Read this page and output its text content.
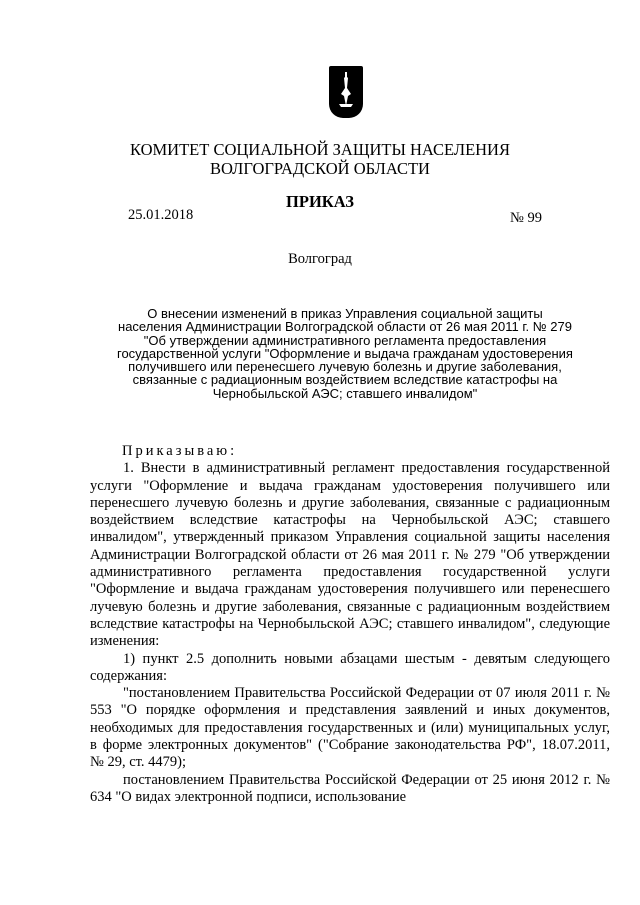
КОМИТЕТ СОЦИАЛЬНОЙ ЗАЩИТЫ НАСЕЛЕНИЯ
ВОЛГОГРАДСКОЙ ОБЛАСТИ
ПРИКАЗ
25.01.2018	№ 99
Волгоград
О внесении изменений в приказ Управления социальной защиты
населения Администрации Волгоградской области от 26 мая 2011 г. № 279
"Об утверждении административного регламента предоставления
государственной услуги "Оформление и выдача гражданам удостоверения
получившего или перенесшего лучевую болезнь и другие заболевания,
связанные с радиационным воздействием вследствие катастрофы на
Чернобыльской АЭС; ставшего инвалидом"

Приказываю:

1. Внести в административный регламент предоставления государственной услуги "Оформление и выдача гражданам удостоверения получившего или перенесшего лучевую болезнь и другие заболевания, связанные с радиационным воздействием вследствие катастрофы на Чернобыльской АЭС; ставшего инвалидом", утвержденный приказом Управления социальной защиты населения Администрации Волгоградской области от 26 мая 2011 г. № 279 "Об утверждении административного регламента предоставления государственной услуги "Оформление и выдача гражданам удостоверения получившего или перенесшего лучевую болезнь и другие заболевания, связанные с радиационным воздействием вследствие катастрофы на Чернобыльской АЭС; ставшего инвалидом", следующие изменения:

1) пункт 2.5 дополнить новыми абзацами шестым - девятым следующего содержания:

"постановлением Правительства Российской Федерации от 07 июля 2011 г. № 553 "О порядке оформления и представления заявлений и иных документов, необходимых для предоставления государственных и (или) муниципальных услуг, в форме электронных документов" ("Собрание законодательства РФ", 18.07.2011, № 29, ст. 4479);

постановлением Правительства Российской Федерации от 25 июня 2012 г. № 634 "О видах электронной подписи, использование
